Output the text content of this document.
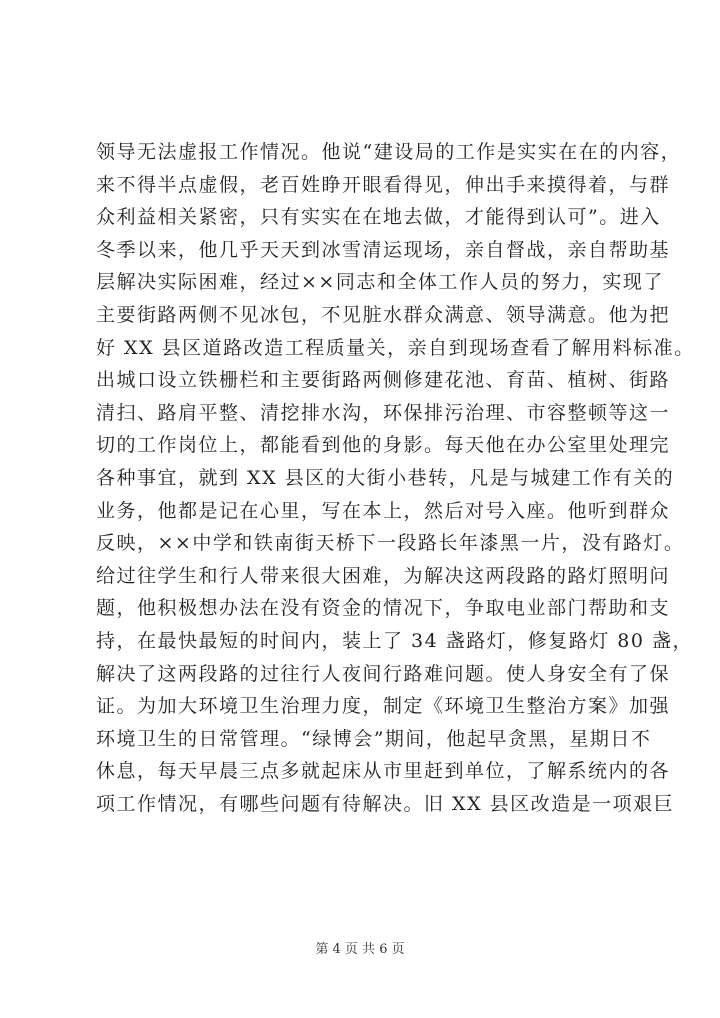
领导无法虚报工作情况。他说“建设局的工作是实实在在的内容，
来不得半点虚假，老百姓睁开眼看得见，伸出手来摸得着，与群
众利益相关紧密，只有实实在在地去做，才能得到认可”。进入
冬季以来，他几乎天天到冰雪清运现场，亲自督战，亲自帮助基
层解决实际困难，经过××同志和全体工作人员的努力，实现了
主要街路两侧不见冰包，不见脏水群众满意、领导满意。他为把
好 XX 县区道路改造工程质量关，亲自到现场查看了解用料标准。
出城口设立铁栅栏和主要街路两侧修建花池、育苗、植树、街路
清扫、路肩平整、清挖排水沟，环保排污治理、市容整顿等这一
切的工作岗位上，都能看到他的身影。每天他在办公室里处理完
各种事宜，就到 XX 县区的大街小巷转，凡是与城建工作有关的
业务，他都是记在心里，写在本上，然后对号入座。他听到群众
反映，××中学和铁南街天桥下一段路长年漆黑一片，没有路灯。
给过往学生和行人带来很大困难，为解决这两段路的路灯照明问
题，他积极想办法在没有资金的情况下，争取电业部门帮助和支
持，在最快最短的时间内，装上了 34 盏路灯，修复路灯 80 盏，
解决了这两段路的过往行人夜间行路难问题。使人身安全有了保
证。为加大环境卫生治理力度，制定《环境卫生整治方案》加强
环境卫生的日常管理。“绿博会”期间，他起早贪黑，星期日不
休息，每天早晨三点多就起床从市里赶到单位，了解系统内的各
项工作情况，有哪些问题有待解决。旧 XX 县区改造是一项艰巨
第 4 页 共 6 页
